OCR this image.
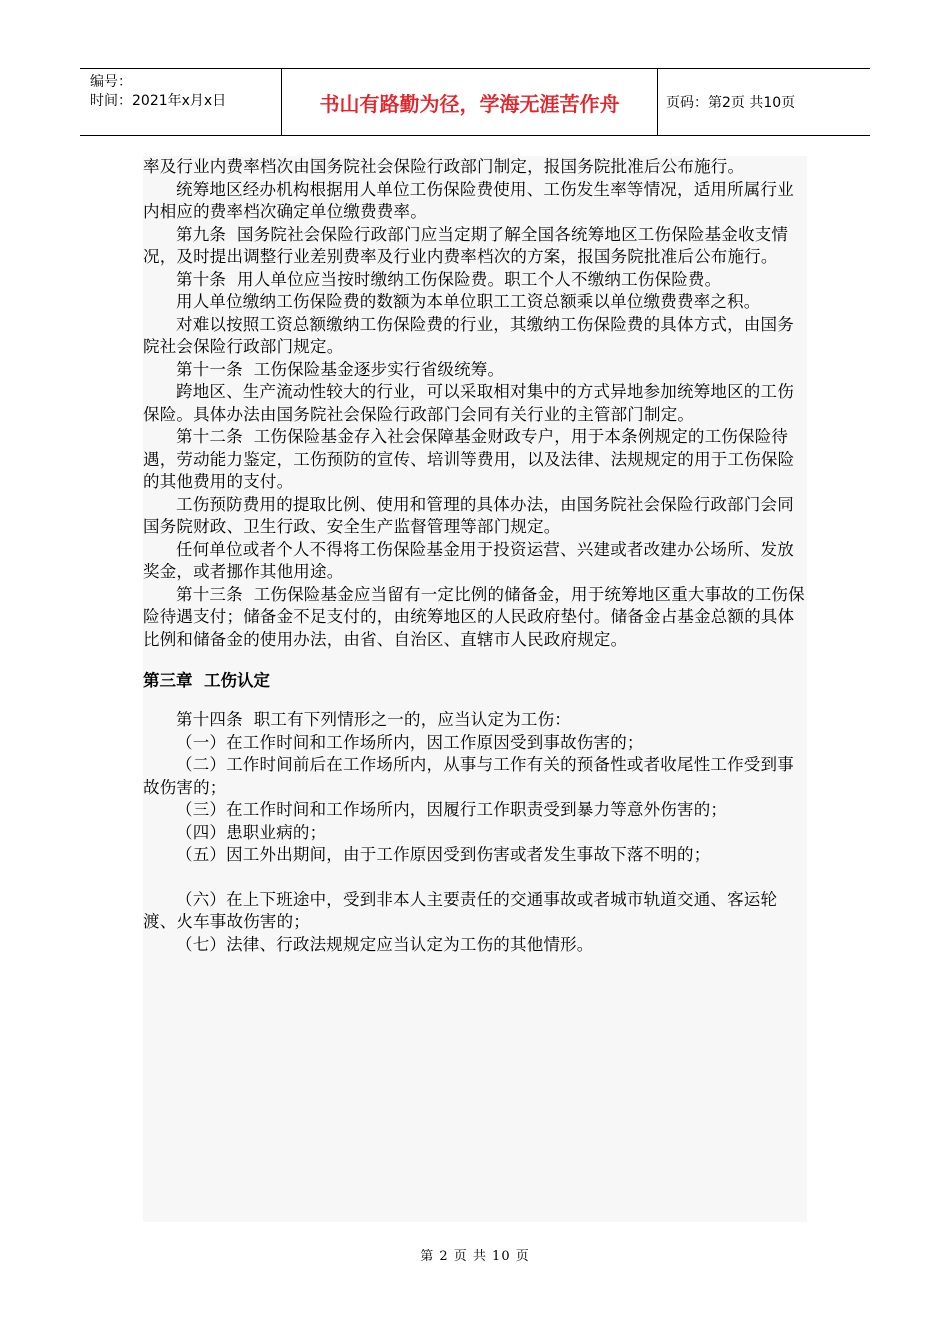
编号：
时间：2021年x月x日	书山有路勤为径，学海无涯苦作舟	页码：第2页 共10页

率及行业内费率档次由国务院社会保险行政部门制定，报国务院批准后公布施行。

统筹地区经办机构根据用人单位工伤保险费使用、工伤发生率等情况，适用所属行业内相应的费率档次确定单位缴费费率。

第九条  国务院社会保险行政部门应当定期了解全国各统筹地区工伤保险基金收支情况，及时提出调整行业差别费率及行业内费率档次的方案，报国务院批准后公布施行。

第十条  用人单位应当按时缴纳工伤保险费。职工个人不缴纳工伤保险费。

用人单位缴纳工伤保险费的数额为本单位职工工资总额乘以单位缴费费率之积。

对难以按照工资总额缴纳工伤保险费的行业，其缴纳工伤保险费的具体方式，由国务院社会保险行政部门规定。

第十一条  工伤保险基金逐步实行省级统筹。

跨地区、生产流动性较大的行业，可以采取相对集中的方式异地参加统筹地区的工伤保险。具体办法由国务院社会保险行政部门会同有关行业的主管部门制定。

第十二条  工伤保险基金存入社会保障基金财政专户，用于本条例规定的工伤保险待遇，劳动能力鉴定，工伤预防的宣传、培训等费用，以及法律、法规规定的用于工伤保险的其他费用的支付。

工伤预防费用的提取比例、使用和管理的具体办法，由国务院社会保险行政部门会同国务院财政、卫生行政、安全生产监督管理等部门规定。

任何单位或者个人不得将工伤保险基金用于投资运营、兴建或者改建办公场所、发放奖金，或者挪作其他用途。

第十三条  工伤保险基金应当留有一定比例的储备金，用于统筹地区重大事故的工伤保险待遇支付；储备金不足支付的，由统筹地区的人民政府垫付。储备金占基金总额的具体比例和储备金的使用办法，由省、自治区、直辖市人民政府规定。

第三章  工伤认定

第十四条  职工有下列情形之一的，应当认定为工伤：

（一）在工作时间和工作场所内，因工作原因受到事故伤害的；

（二）工作时间前后在工作场所内，从事与工作有关的预备性或者收尾性工作受到事故伤害的；

（三）在工作时间和工作场所内，因履行工作职责受到暴力等意外伤害的；

（四）患职业病的；

（五）因工外出期间，由于工作原因受到伤害或者发生事故下落不明的；

（六）在上下班途中，受到非本人主要责任的交通事故或者城市轨道交通、客运轮渡、火车事故伤害的；

（七）法律、行政法规规定应当认定为工伤的其他情形。

第 2 页 共 10 页
